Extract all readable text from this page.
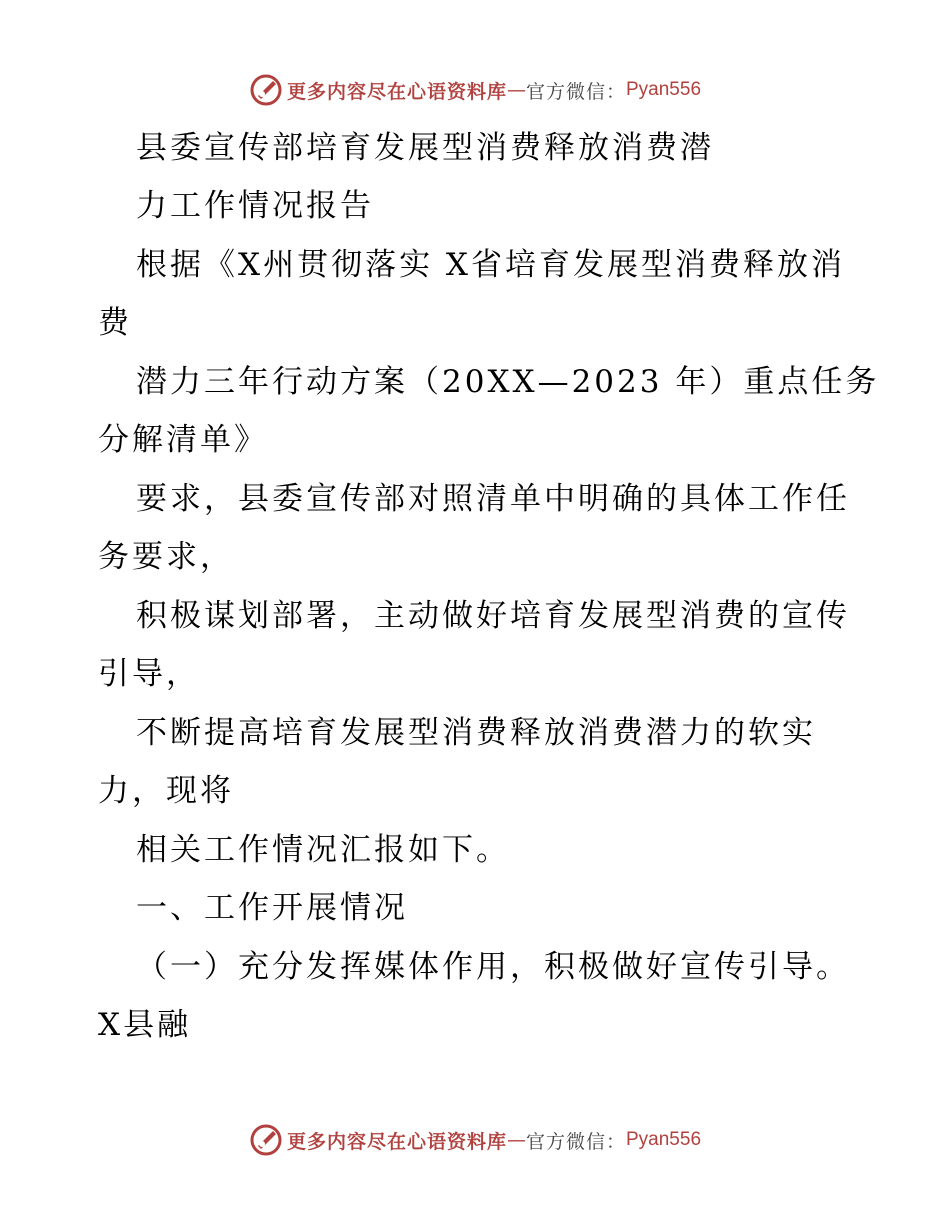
更多内容尽在心语资料库 — 官方微信： Pyan556
县委宣传部培育发展型消费释放消费潜
力工作情况报告
根据《X州贯彻落实 X省培育发展型消费释放消
费
潜力三年行动方案（20XX—2023 年）重点任务
分解清单》
要求，县委宣传部对照清单中明确的具体工作任
务要求，
积极谋划部署，主动做好培育发展型消费的宣传
引导，
不断提高培育发展型消费释放消费潜力的软实
力，现将
相关工作情况汇报如下。
一、工作开展情况
（一）充分发挥媒体作用，积极做好宣传引导。
X县融
更多内容尽在心语资料库 — 官方微信： Pyan556
